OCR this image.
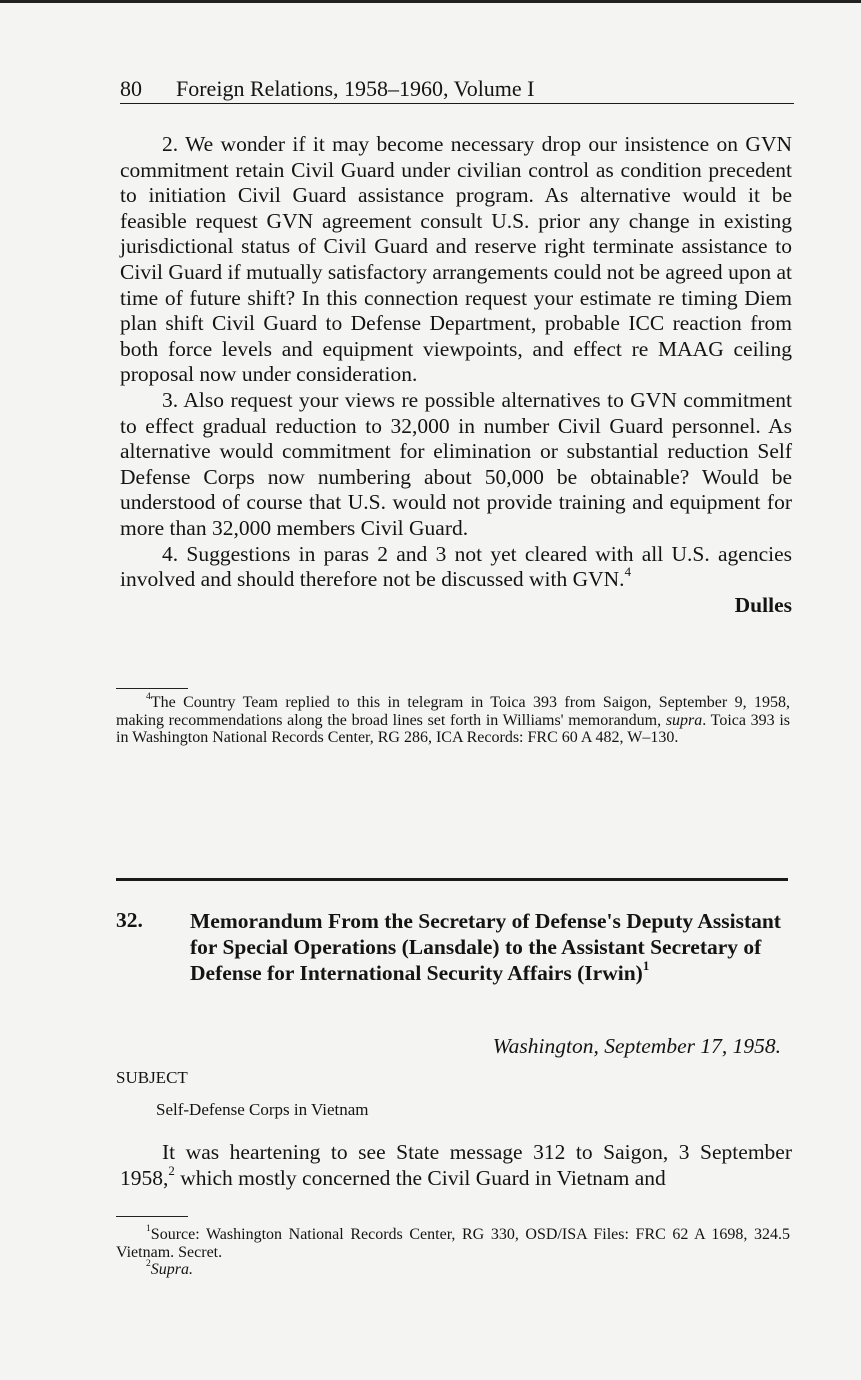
80 Foreign Relations, 1958–1960, Volume I

2. We wonder if it may become necessary drop our insistence on GVN commitment retain Civil Guard under civilian control as condition precedent to initiation Civil Guard assistance program. As alternative would it be feasible request GVN agreement consult U.S. prior any change in existing jurisdictional status of Civil Guard and reserve right terminate assistance to Civil Guard if mutually satisfactory arrangements could not be agreed upon at time of future shift? In this connection request your estimate re timing Diem plan shift Civil Guard to Defense Department, probable ICC reaction from both force levels and equipment viewpoints, and effect re MAAG ceiling proposal now under consideration.

3. Also request your views re possible alternatives to GVN commitment to effect gradual reduction to 32,000 in number Civil Guard personnel. As alternative would commitment for elimination or substantial reduction Self Defense Corps now numbering about 50,000 be obtainable? Would be understood of course that U.S. would not provide training and equipment for more than 32,000 members Civil Guard.

4. Suggestions in paras 2 and 3 not yet cleared with all U.S. agencies involved and should therefore not be discussed with GVN.$^4$

Dulles

$^4$The Country Team replied to this in telegram in Toica 393 from Saigon, September 9, 1958, making recommendations along the broad lines set forth in Williams' memorandum, supra. Toica 393 is in Washington National Records Center, RG 286, ICA Records: FRC 60 A 482, W–130.

32. Memorandum From the Secretary of Defense's Deputy Assistant for Special Operations (Lansdale) to the Assistant Secretary of Defense for International Security Affairs (Irwin)$^1$
Washington, September 17, 1958.
SUBJECT
Self-Defense Corps in Vietnam

It was heartening to see State message 312 to Saigon, 3 September 1958,$^2$ which mostly concerned the Civil Guard in Vietnam and

$^1$Source: Washington National Records Center, RG 330, OSD/ISA Files: FRC 62 A 1698, 324.5 Vietnam. Secret.

$^2$Supra.
